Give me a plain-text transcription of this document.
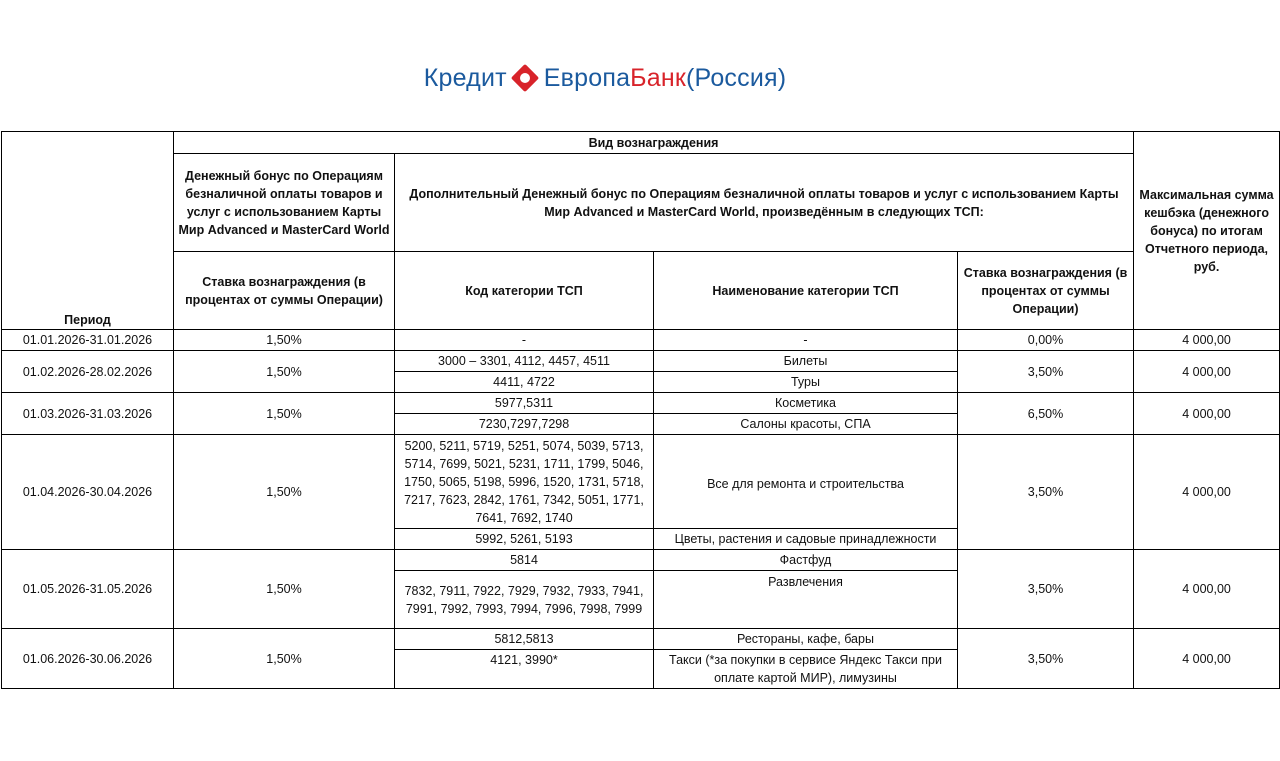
Кредит ЕвропаБанк(Россия)
Период	Вид вознаграждения				Максимальная сумма кешбэка (денежного бонуса) по итогам Отчетного периода, руб.
	Денежный бонус по Операциям безналичной оплаты товаров и услуг с использованием Карты Мир Advanced и MasterCard World	Дополнительный Денежный бонус по Операциям безналичной оплаты товаров и услуг с использованием Карты Мир Advanced и MasterCard World, произведённым в следующих ТСП:			
	Ставка вознаграждения (в процентах от суммы Операции)	Код категории ТСП	Наименование категории ТСП	Ставка вознаграждения (в процентах от суммы Операции)	
01.01.2026-31.01.2026	1,50%	-	-	0,00%	4 000,00
01.02.2026-28.02.2026	1,50%	3000 – 3301, 4112, 4457, 4511	Билеты	3,50%	4 000,00
		4411, 4722	Туры		
01.03.2026-31.03.2026	1,50%	5977,5311	Косметика	6,50%	4 000,00
		7230,7297,7298	Салоны красоты, СПА		
01.04.2026-30.04.2026	1,50%	5200, 5211, 5719, 5251, 5074, 5039, 5713, 5714, 7699, 5021, 5231, 1711, 1799, 5046, 1750, 5065, 5198, 5996, 1520, 1731, 5718, 7217, 7623, 2842, 1761, 7342, 5051, 1771, 7641, 7692, 1740	Все для ремонта и строительства	3,50%	4 000,00
		5992, 5261, 5193	Цветы, растения и садовые принадлежности		
01.05.2026-31.05.2026	1,50%	5814	Фастфуд	3,50%	4 000,00
		7832, 7911, 7922, 7929, 7932, 7933, 7941, 7991, 7992, 7993, 7994, 7996, 7998, 7999	Развлечения		
01.06.2026-30.06.2026	1,50%	5812,5813	Рестораны, кафе, бары	3,50%	4 000,00
		4121, 3990*	Такси (*за покупки в сервисе Яндекс Такси при оплате картой МИР), лимузины		
